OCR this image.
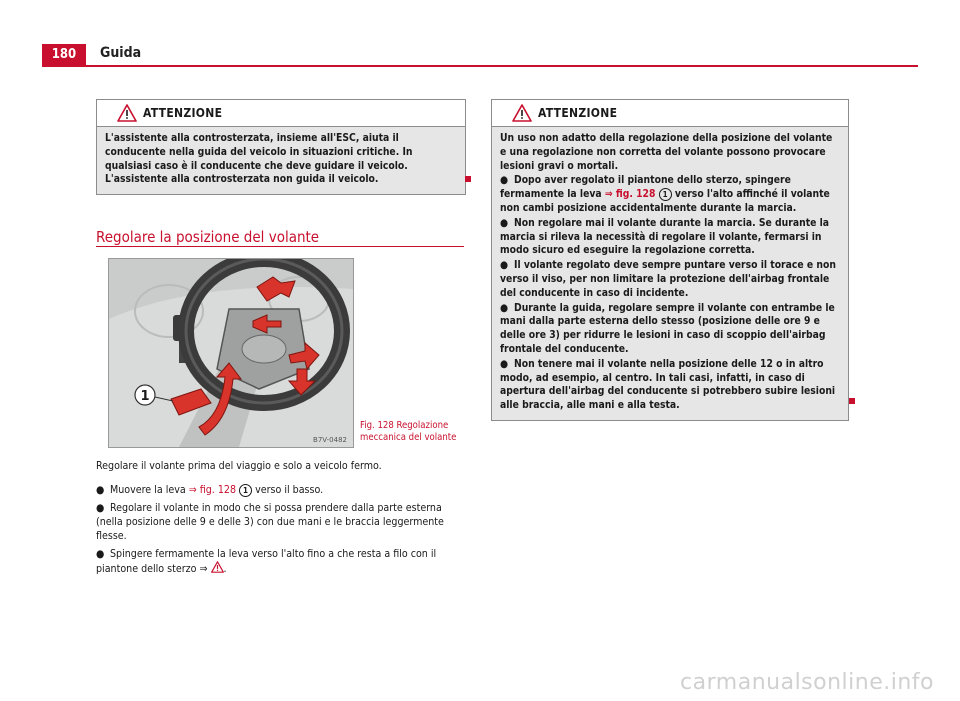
180	Guida
ATTENZIONE

L'assistente alla controsterzata, insieme all'ESC, aiuta il conducente nella guida del veicolo in situazioni critiche. In qualsiasi caso è il conducente che deve guidare il veicolo. L'assistente alla controsterzata non guida il veicolo.

Regolare la posizione del volante
1
B7V-0482
Fig. 128 Regolazione
meccanica del volante
Regolare il volante prima del viaggio e solo a veicolo fermo.
● Muovere la leva ⇒ fig. 128 1 verso il basso.
● Regolare il volante in modo che si possa prendere dalla parte esterna (nella posizione delle 9 e delle 3) con due mani e le braccia leggermente flesse.
● Spingere fermamente la leva verso l'alto fino a che resta a filo con il piantone dello sterzo ⇒ .
ATTENZIONE

Un uso non adatto della regolazione della posizione del volante e una regolazione non corretta del volante possono provocare lesioni gravi o mortali.

● Dopo aver regolato il piantone dello sterzo, spingere fermamente la leva ⇒ fig. 128 1 verso l'alto affinché il volante non cambi posizione accidentalmente durante la marcia.

● Non regolare mai il volante durante la marcia. Se durante la marcia si rileva la necessità di regolare il volante, fermarsi in modo sicuro ed eseguire la regolazione corretta.

● Il volante regolato deve sempre puntare verso il torace e non verso il viso, per non limitare la protezione dell'airbag frontale del conducente in caso di incidente.

● Durante la guida, regolare sempre il volante con entrambe le mani dalla parte esterna dello stesso (posizione delle ore 9 e delle ore 3) per ridurre le lesioni in caso di scoppio dell'airbag frontale del conducente.

● Non tenere mai il volante nella posizione delle 12 o in altro modo, ad esempio, al centro. In tali casi, infatti, in caso di apertura dell'airbag del conducente si potrebbero subire lesioni alle braccia, alle mani e alla testa.

carmanualsonline.info
